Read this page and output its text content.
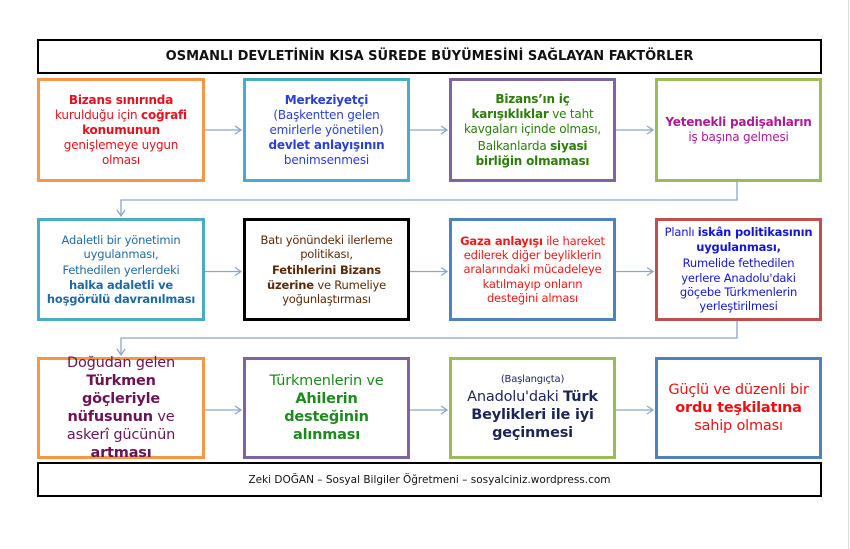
OSMANLI DEVLETİNİN KISA SÜREDE BÜYÜMESİNİ SAĞLAYAN FAKTÖRLER

Bizans sınırında kurulduğu için coğrafi konumunun genişlemeye uygun olması

Merkeziyetçi (Başkentten gelen emirlerle yönetilen) devlet anlayışının benimsenmesi

Bizans’ın iç karışıklıklar ve taht kavgaları içinde olması,

Balkanlarda siyasi birliğin olmaması

Yetenekli padişahların iş başına gelmesi

Adaletli bir yönetimin uygulanması,

Fethedilen yerlerdeki halka adaletli ve hoşgörülü davranılması

Batı yönündeki ilerleme politikası,

Fetihlerini Bizans üzerine ve Rumeliye yoğunlaştırması

Gaza anlayışı ile hareket edilerek diğer beyliklerin aralarındaki mücadeleye katılmayıp onların desteğini alması

Planlı iskân politikasının uygulanması,

Rumelide fethedilen yerlere Anadolu'daki göçebe Türkmenlerin yerleştirilmesi

Doğudan gelen Türkmen göçleriyle nüfusunun ve askerî gücünün artması

Türkmenlerin ve Ahilerin desteğinin alınması

(Başlangıçta)

Anadolu'daki Türk Beylikleri ile iyi geçinmesi

Güçlü ve düzenli bir ordu teşkilatına sahip olması

Zeki DOĞAN – Sosyal Bilgiler Öğretmeni – sosyalciniz.wordpress.com
